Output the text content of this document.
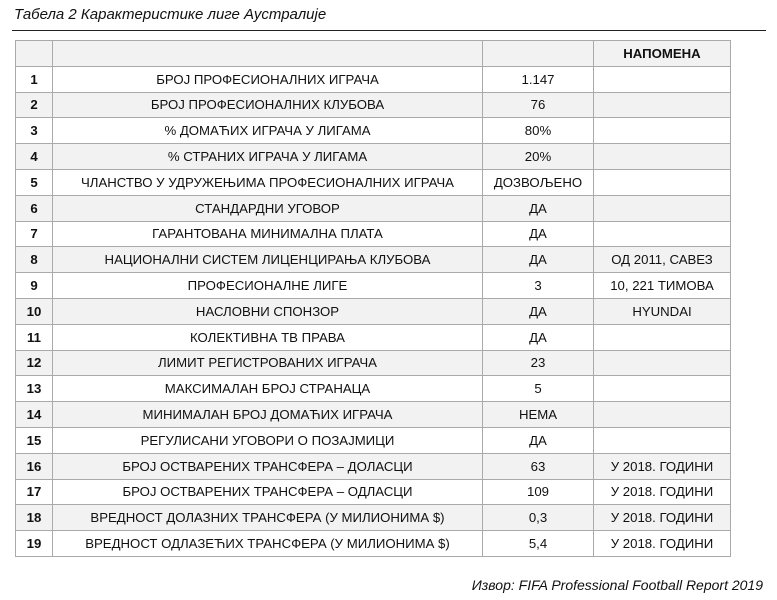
Табела 2 Карактеристике лиге Аустралије
			НАПОМЕНА
1	БРОЈ ПРОФЕСИОНАЛНИХ ИГРАЧА	1.147	
2	БРОЈ ПРОФЕСИОНАЛНИХ КЛУБОВА	76	
3	% ДОМАЋИХ ИГРАЧА У ЛИГАМА	80%	
4	% СТРАНИХ ИГРАЧА У ЛИГАМА	20%	
5	ЧЛАНСТВО У УДРУЖЕЊИМА ПРОФЕСИОНАЛНИХ ИГРАЧА	ДОЗВОЉЕНО	
6	СТАНДАРДНИ УГОВОР	ДА	
7	ГАРАНТОВАНА МИНИМАЛНА ПЛАТА	ДА	
8	НАЦИОНАЛНИ СИСТЕМ ЛИЦЕНЦИРАЊА КЛУБОВА	ДА	ОД 2011, САВЕЗ
9	ПРОФЕСИОНАЛНЕ ЛИГЕ	3	10, 221 ТИМОВА
10	НАСЛОВНИ СПОНЗОР	ДА	HYUNDAI
11	КОЛЕКТИВНА ТВ ПРАВА	ДА	
12	ЛИМИТ РЕГИСТРОВАНИХ ИГРАЧА	23	
13	МАКСИМАЛАН БРОЈ СТРАНАЦА	5	
14	МИНИМАЛАН БРОЈ ДОМАЋИХ ИГРАЧА	НЕМА	
15	РЕГУЛИСАНИ УГОВОРИ О ПОЗАЈМИЦИ	ДА	
16	БРОЈ ОСТВАРЕНИХ ТРАНСФЕРА – ДОЛАСЦИ	63	У 2018. ГОДИНИ
17	БРОЈ ОСТВАРЕНИХ ТРАНСФЕРА – ОДЛАСЦИ	109	У 2018. ГОДИНИ
18	ВРЕДНОСТ ДОЛАЗНИХ ТРАНСФЕРА (У МИЛИОНИМА $)	0,3	У 2018. ГОДИНИ
19	ВРЕДНОСТ ОДЛАЗЕЋИХ ТРАНСФЕРА (У МИЛИОНИМА $)	5,4	У 2018. ГОДИНИ
Извор: FIFA Professional Football Report 2019
